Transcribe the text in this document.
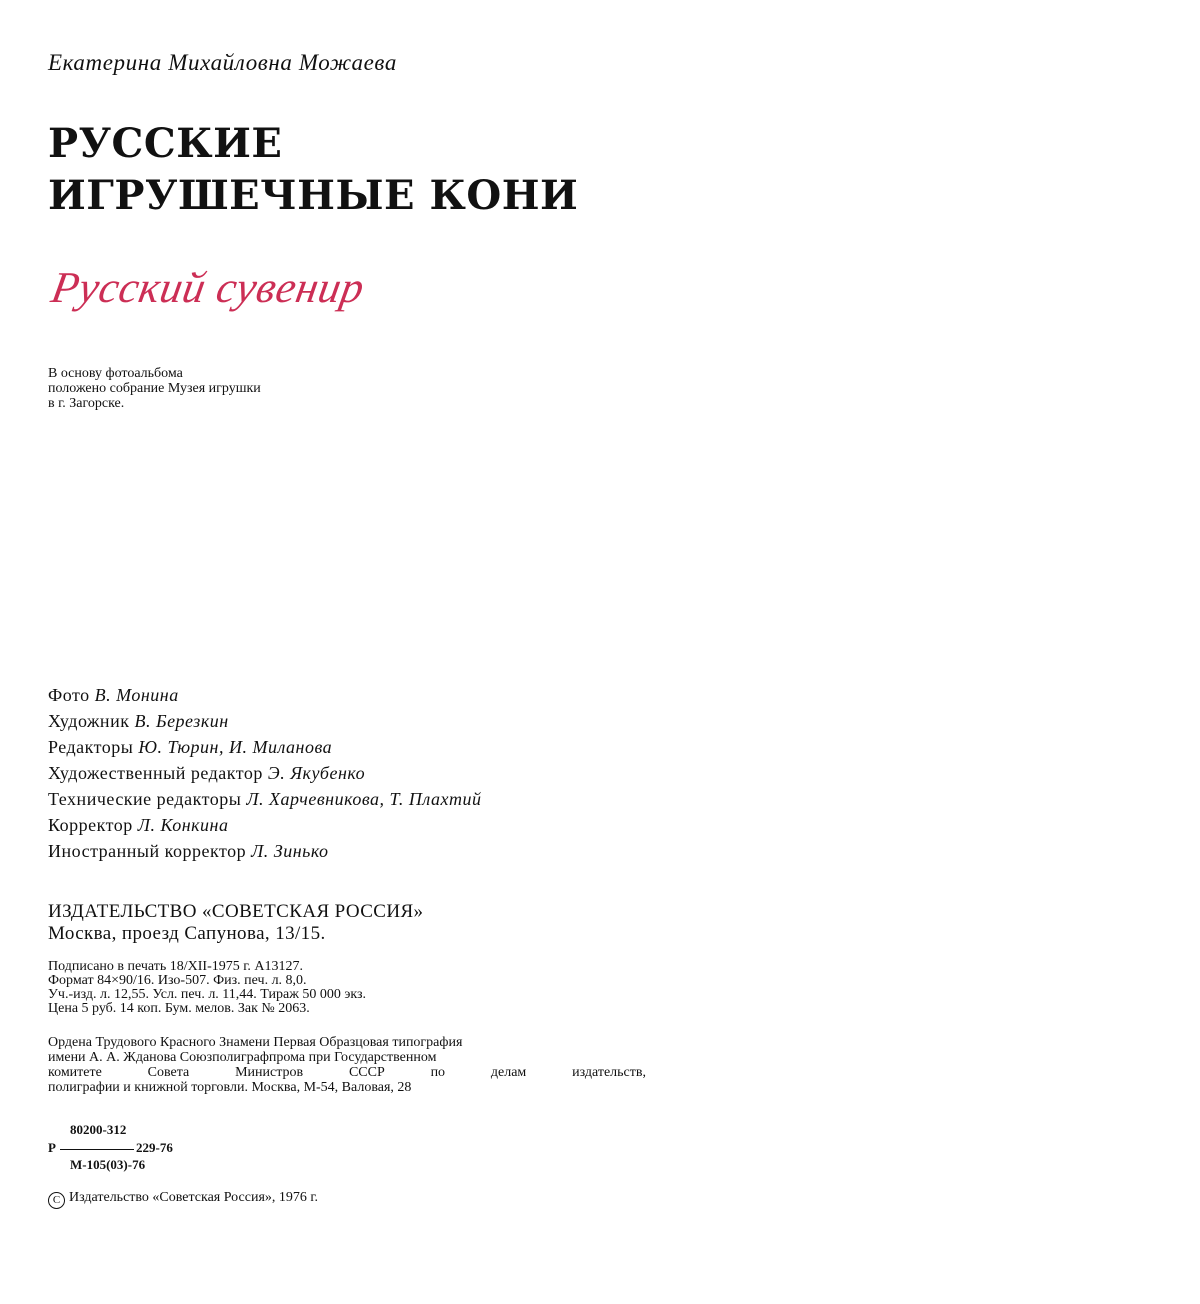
Екатерина Михайловна Можаева
РУССКИЕ
ИГРУШЕЧНЫЕ КОНИ
Русский сувенир
В основу фотоальбома
положено собрание Музея игрушки
в г. Загорске.
Фото В. Монина
Художник В. Березкин
Редакторы Ю. Тюрин, И. Миланова
Художественный редактор Э. Якубенко
Технические редакторы Л. Харчевникова, Т. Плахтий
Корректор Л. Конкина
Иностранный корректор Л. Зинько
ИЗДАТЕЛЬСТВО «СОВЕТСКАЯ РОССИЯ»
Москва, проезд Сапунова, 13/15.
Подписано в печать 18/XII-1975 г. А13127.
Формат 84×90/16. Изо-507. Физ. печ. л. 8,0.
Уч.-изд. л. 12,55. Усл. печ. л. 11,44. Тираж 50 000 экз.
Цена 5 руб. 14 коп. Бум. мелов. Зак № 2063.
Ордена Трудового Красного Знамени Первая Образцовая типография
имени А. А. Жданова Союзполиграфпрома при Государственном
комитете Совета Министров СССР по делам издательств,
полиграфии и книжной торговли. Москва, М-54, Валовая, 28
80200-312
Р	229-76
М-105(03)-76
C Издательство «Советская Россия», 1976 г.
